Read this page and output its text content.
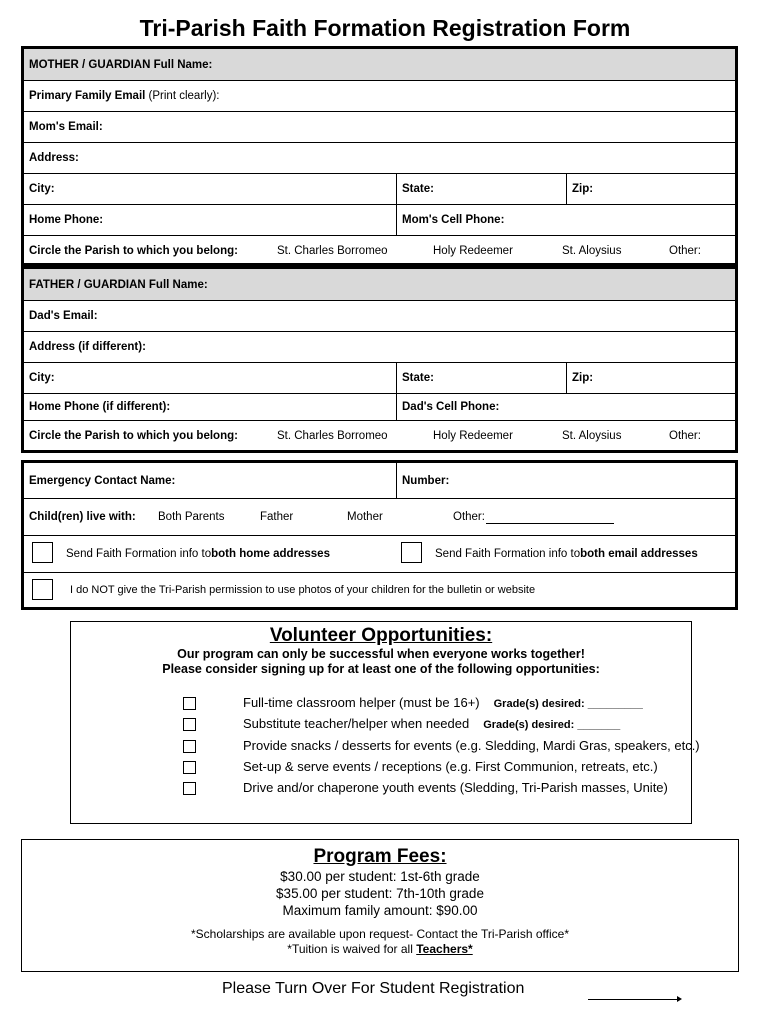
Tri-Parish Faith Formation Registration Form
MOTHER / GUARDIAN Full Name:
Primary Family Email
(Print clearly):
Mom's Email:
Address:
City:	State:	Zip:
Home Phone:	Mom's Cell Phone:
Circle the Parish to which you belong:	St. Charles Borromeo	Holy Redeemer	St. Aloysius	Other:
FATHER / GUARDIAN Full Name:
Dad's Email:
Address (if different):
City:	State:	Zip:
Home Phone (if different):	Dad's Cell Phone:
Circle the Parish to which you belong:	St. Charles Borromeo	Holy Redeemer	St. Aloysius	Other:
Emergency Contact Name:	Number:
Child(ren) live with: Both Parents	Father	Mother	Other:
Send Faith Formation info to both home addresses	Send Faith Formation info to both email addresses
I do NOT give the Tri-Parish permission to use photos of your children for the bulletin or website
Volunteer Opportunities:
Our program can only be successful when everyone works together!
Please consider signing up for at least one of the following opportunities:
Full-time classroom helper (must be 16+) Grade(s) desired: _________
Substitute teacher/helper when needed Grade(s) desired: _______
Provide snacks / desserts for events (e.g. Sledding, Mardi Gras, speakers, etc.)
Set-up & serve events / receptions (e.g. First Communion, retreats, etc.)
Drive and/or chaperone youth events (Sledding, Tri-Parish masses, Unite)
Program Fees:
$30.00 per student: 1st-6th grade
$35.00 per student: 7th-10th grade
Maximum family amount: $90.00
*Scholarships are available upon request- Contact the Tri-Parish office*
*Tuition is waived for all Teachers*
Please Turn Over For Student Registration
